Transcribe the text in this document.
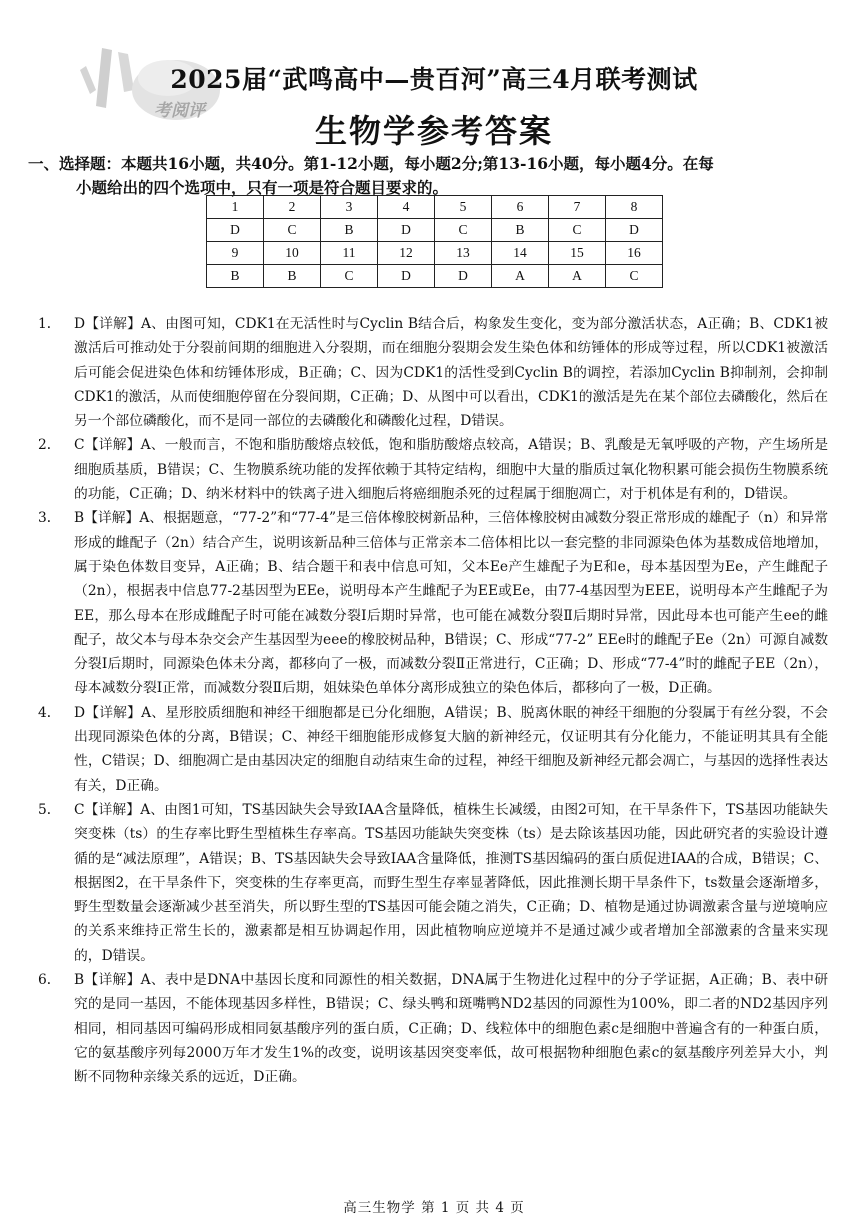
考阅评
2025届“武鸣高中—贵百河”高三4月联考测试
生物学参考答案
一、选择题：本题共16小题，共40分。第1-12小题，每小题2分;第13-16小题，每小题4分。在每
小题给出的四个选项中，只有一项是符合题目要求的。
1	2	3	4	5	6	7	8
D	C	B	D	C	B	C	D
9	10	11	12	13	14	15	16
B	B	C	D	D	A	A	C

1． D【详解】A、由图可知，CDK1在无活性时与Cyclin B结合后，构象发生变化，变为部分激活状态，A正确；B、CDK1被激活后可推动处于分裂前间期的细胞进入分裂期，而在细胞分裂期会发生染色体和纺锤体的形成等过程，所以CDK1被激活后可能会促进染色体和纺锤体形成，B正确；C、因为CDK1的活性受到Cyclin B的调控，若添加Cyclin B抑制剂，会抑制CDK1的激活，从而使细胞停留在分裂间期，C正确；D、从图中可以看出，CDK1的激活是先在某个部位去磷酸化，然后在另一个部位磷酸化，而不是同一部位的去磷酸化和磷酸化过程，D错误。

2． C【详解】A、一般而言，不饱和脂肪酸熔点较低，饱和脂肪酸熔点较高，A错误；B、乳酸是无氧呼吸的产物，产生场所是细胞质基质，B错误；C、生物膜系统功能的发挥依赖于其特定结构，细胞中大量的脂质过氧化物积累可能会损伤生物膜系统的功能，C正确；D、纳米材料中的铁离子进入细胞后将癌细胞杀死的过程属于细胞凋亡，对于机体是有利的，D错误。

3． B【详解】A、根据题意，“77-2”和“77-4”是三倍体橡胶树新品种，三倍体橡胶树由减数分裂正常形成的雄配子（n）和异常形成的雌配子（2n）结合产生，说明该新品种三倍体与正常亲本二倍体相比以一套完整的非同源染色体为基数成倍地增加，属于染色体数目变异，A正确；B、结合题干和表中信息可知，父本Ee产生雄配子为E和e，母本基因型为Ee，产生雌配子（2n），根据表中信息77-2基因型为EEe，说明母本产生雌配子为EE或Ee，由77-4基因型为EEE，说明母本产生雌配子为EE，那么母本在形成雌配子时可能在减数分裂Ⅰ后期时异常，也可能在减数分裂Ⅱ后期时异常，因此母本也可能产生ee的雌配子，故父本与母本杂交会产生基因型为eee的橡胶树品种，B错误；C、形成“77-2” EEe时的雌配子Ee（2n）可源自减数分裂Ⅰ后期时，同源染色体未分离，都移向了一极，而减数分裂Ⅱ正常进行，C正确；D、形成“77-4”时的雌配子EE（2n），母本减数分裂Ⅰ正常，而减数分裂Ⅱ后期，姐妹染色单体分离形成独立的染色体后，都移向了一极，D正确。

4． D【详解】A、星形胶质细胞和神经干细胞都是已分化细胞，A错误；B、脱离休眠的神经干细胞的分裂属于有丝分裂，不会出现同源染色体的分离，B错误；C、神经干细胞能形成修复大脑的新神经元，仅证明其有分化能力，不能证明其具有全能性，C错误；D、细胞凋亡是由基因决定的细胞自动结束生命的过程，神经干细胞及新神经元都会凋亡，与基因的选择性表达有关，D正确。

5． C【详解】A、由图1可知，TS基因缺失会导致IAA含量降低，植株生长减缓，由图2可知，在干旱条件下，TS基因功能缺失突变株（ts）的生存率比野生型植株生存率高。TS基因功能缺失突变株（ts）是去除该基因功能，因此研究者的实验设计遵循的是“减法原理”，A错误；B、TS基因缺失会导致IAA含量降低，推测TS基因编码的蛋白质促进IAA的合成，B错误；C、根据图2，在干旱条件下，突变株的生存率更高，而野生型生存率显著降低，因此推测长期干旱条件下，ts数量会逐渐增多，野生型数量会逐渐减少甚至消失，所以野生型的TS基因可能会随之消失，C正确；D、植物是通过协调激素含量与逆境响应的关系来维持正常生长的，激素都是相互协调起作用，因此植物响应逆境并不是通过减少或者增加全部激素的含量来实现的，D错误。

6． B【详解】A、表中是DNA中基因长度和同源性的相关数据，DNA属于生物进化过程中的分子学证据，A正确；B、表中研究的是同一基因，不能体现基因多样性，B错误；C、绿头鸭和斑嘴鸭ND2基因的同源性为100%，即二者的ND2基因序列相同，相同基因可编码形成相同氨基酸序列的蛋白质，C正确；D、线粒体中的细胞色素c是细胞中普遍含有的一种蛋白质，它的氨基酸序列每2000万年才发生1%的改变，说明该基因突变率低，故可根据物种细胞色素c的氨基酸序列差异大小，判断不同物种亲缘关系的远近，D正确。

高三生物学 第 1 页 共 4 页
